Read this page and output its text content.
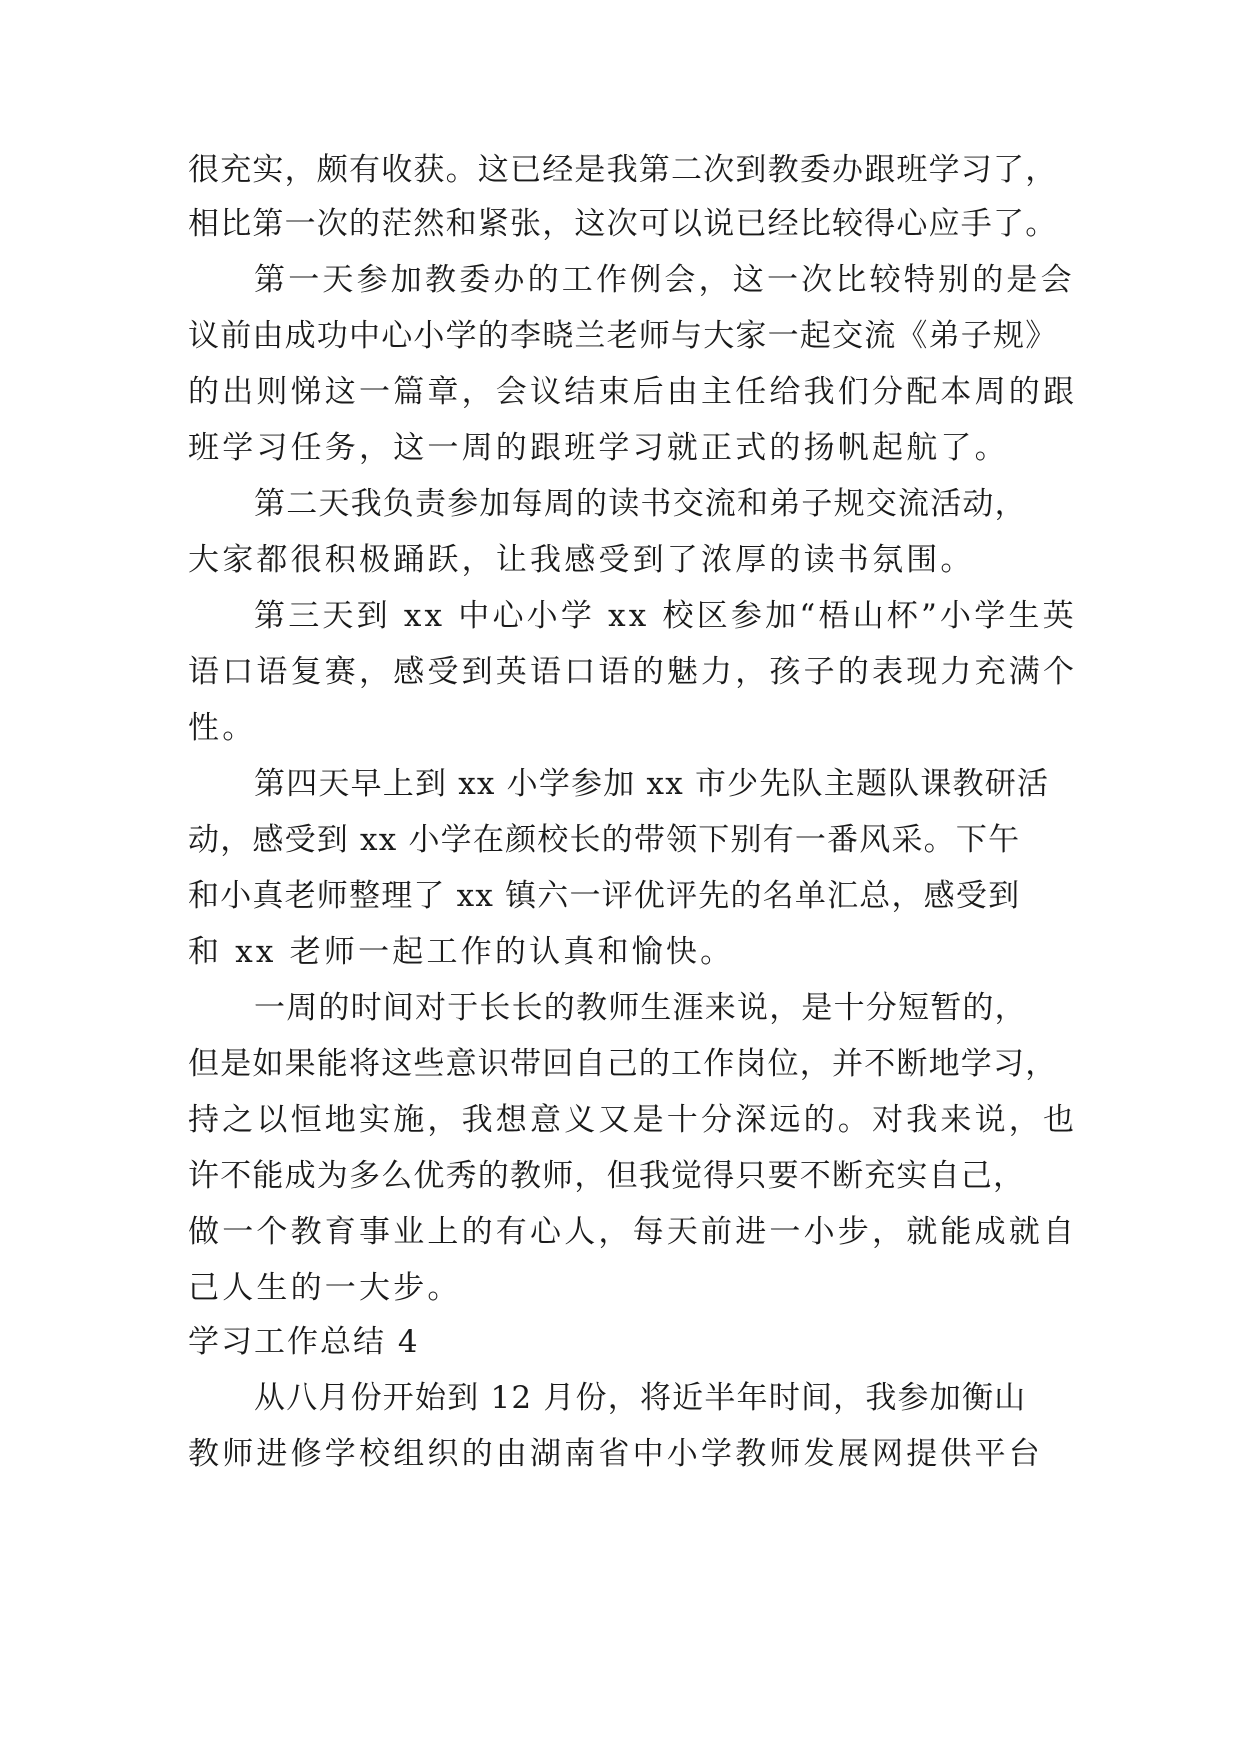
很充实，颇有收获。这已经是我第二次到教委办跟班学习了，
相比第一次的茫然和紧张，这次可以说已经比较得心应手了。
第一天参加教委办的工作例会，这一次比较特别的是会
议前由成功中心小学的李晓兰老师与大家一起交流《弟子规》
的出则悌这一篇章，会议结束后由主任给我们分配本周的跟
班学习任务，这一周的跟班学习就正式的扬帆起航了。
第二天我负责参加每周的读书交流和弟子规交流活动，
大家都很积极踊跃，让我感受到了浓厚的读书氛围。
第三天到 xx 中心小学 xx 校区参加“梧山杯”小学生英
语口语复赛，感受到英语口语的魅力，孩子的表现力充满个
性。
第四天早上到 xx 小学参加 xx 市少先队主题队课教研活
动，感受到 xx 小学在颜校长的带领下别有一番风采。下午
和小真老师整理了 xx 镇六一评优评先的名单汇总，感受到
和 xx 老师一起工作的认真和愉快。
一周的时间对于长长的教师生涯来说，是十分短暂的，
但是如果能将这些意识带回自己的工作岗位，并不断地学习，
持之以恒地实施，我想意义又是十分深远的。对我来说，也
许不能成为多么优秀的教师，但我觉得只要不断充实自己，
做一个教育事业上的有心人，每天前进一小步，就能成就自
己人生的一大步。
学习工作总结 4
从八月份开始到 12 月份，将近半年时间，我参加衡山
教师进修学校组织的由湖南省中小学教师发展网提供平台
